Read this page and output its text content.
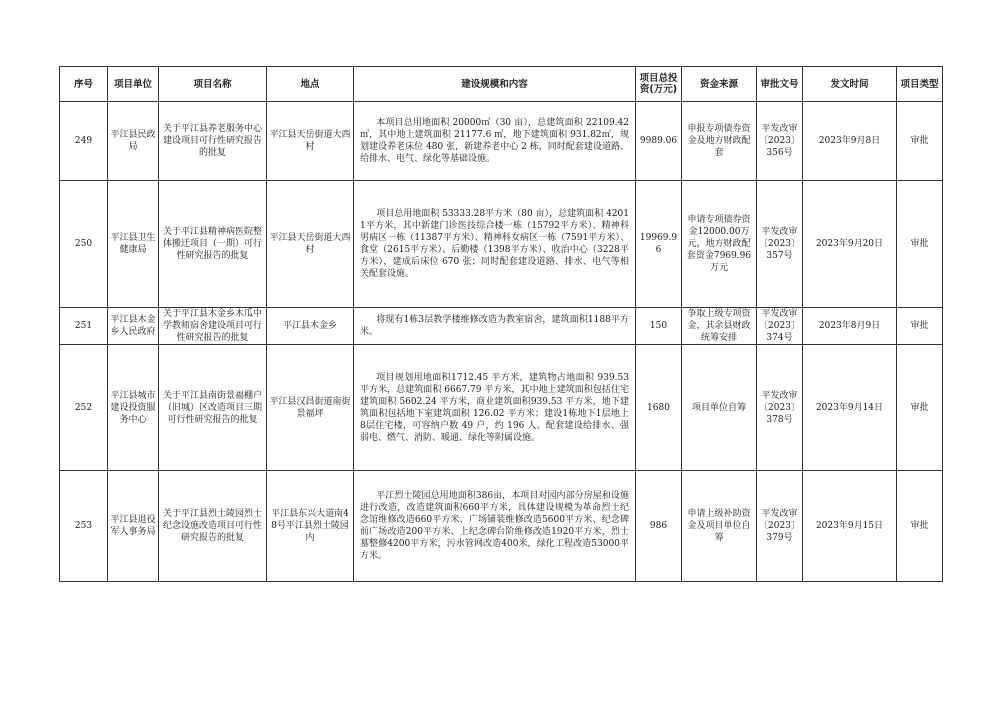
序号	项目单位	项目名称	地点	建设规模和内容	项目总投资(万元)	资金来源	审批文号	发文时间	项目类型
249	平江县民政局	关于平江县养老服务中心建设项目可行性研究报告的批复	平江县天岳街道大西村	本项目总用地面积 20000㎡（30 亩），总建筑面积 22109.42㎡，其中地上建筑面积 21177.6 ㎡，地下建筑面积 931.82㎡，规划建设养老床位 480 张，新建养老中心 2 栋，同时配套建设道路、给排水、电气、绿化等基础设施。	9989.06	申报专项债券资金及地方财政配套	平发改审〔2023〕356号	2023年9月8日	审批
250	平江县卫生健康局	关于平江县精神病医院整体搬迁项目（一期）可行性研究报告的批复	平江县天岳街道大西村	项目总用地面积 53333.28平方米（80 亩），总建筑面积 42011平方米，其中新建门诊医技综合楼一栋（15792平方米）、精神科男病区一栋（11387平方米）、精神科女病区一栋（7591平方米）、食堂（2615平方米）、后勤楼（1398平方米）、收治中心（3228平方米），建成后床位 670 张；同时配套建设道路、排水、电气等相关配套设施。	19969.96	申请专项债券资金12000.00万元，地方财政配套资金7969.96 万元	平发改审〔2023〕357号	2023年9月20日	审批
251	平江县木金乡人民政府	关于平江县木金乡木瓜中学教师宿舍建设项目可行性研究报告的批复	平江县木金乡	将现有1栋3层教学楼维修改造为教室宿舍，建筑面积1188平方米。	150	争取上级专项资金，其余县财政统筹安排	平发改审〔2023〕374号	2023年8月9日	审批
252	平江县城市建设投资服务中心	关于平江县南街景福棚户（旧城）区改造项目三期可行性研究报告的批复	平江县汉昌街道南街景福坪	项目规划用地面积1712.45 平方米，建筑物占地面积 939.53 平方米，总建筑面积 6667.79 平方米，其中地上建筑面积包括住宅建筑面积 5602.24 平方米，商业建筑面积939.53 平方米，地下建筑面积包括地下室建筑面积 126.02 平方米；建设1栋地下1层地上8层住宅楼，可容纳户数 49 户，约 196 人。配套建设给排水、强弱电、燃气、消防、暖通、绿化等附属设施。	1680	项目单位自筹	平发改审〔2023〕378号	2023年9月14日	审批
253	平江县退役军人事务局	关于平江县烈士陵园烈士纪念设施改造项目可行性研究报告的批复	平江县东兴大道南48号平江县烈士陵园内	平江烈士陵园总用地面积386亩，本项目对园内部分房屋和设施进行改造，改造建筑面积660平方米，具体建设规模为革命烈士纪念馆维修改造660平方米、广场铺装维修改造5600平方米、纪念碑前广场改造200平方米、上纪念碑台阶维修改造1920平方米，烈士墓整修4200平方米，污水管网改造400米，绿化工程改造53000平方米。	986	申请上级补助资金及项目单位自筹	平发改审〔2023〕379号	2023年9月15日	审批
